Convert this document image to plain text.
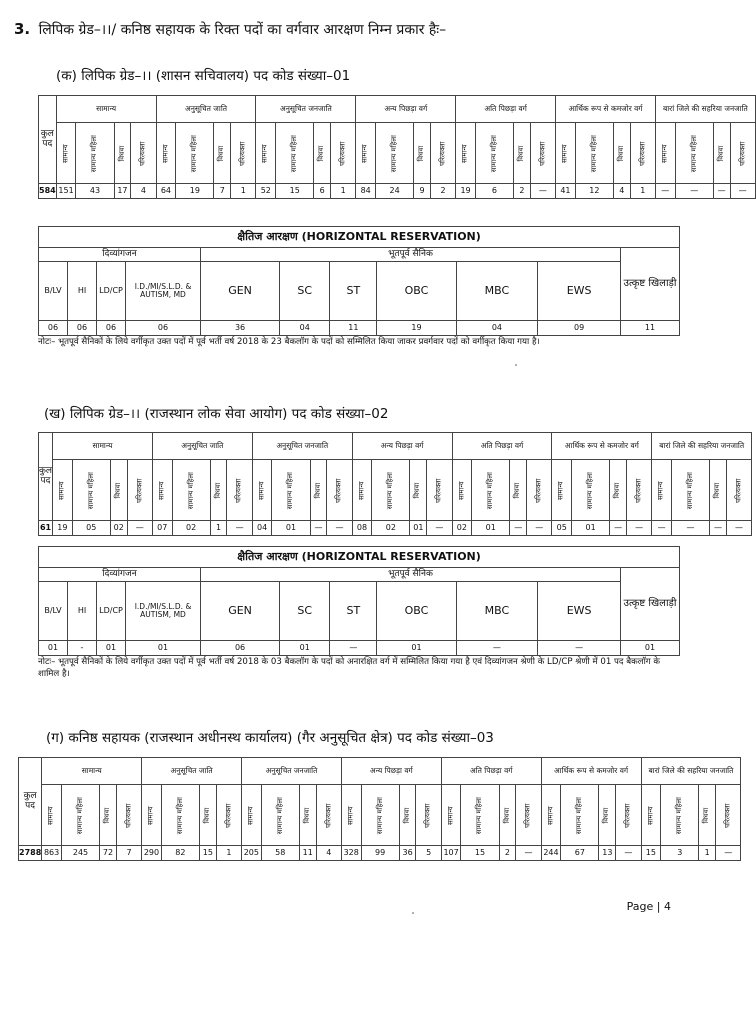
3. लिपिक ग्रेड–।।/ कनिष्ठ सहायक के रिक्त पदों का वर्गवार आरक्षण निम्न प्रकार हैः–
(क) लिपिक ग्रेड–।। (शासन सचिवालय) पद कोड संख्या–01
कुल पद	सामान्य				अनुसूचित जाति				अनुसूचित जनजाति				अन्य पिछड़ा वर्ग				अति पिछड़ा वर्ग				आर्थिक रूप से कमजोर वर्ग				बारां जिले की सहरिया जनजाति			
	सामान्य	सामान्य महिला	विधवा	परित्यक्ता	सामान्य	सामान्य महिला	विधवा	परित्यक्ता	सामान्य	सामान्य महिला	विधवा	परित्यक्ता	सामान्य	सामान्य महिला	विधवा	परित्यक्ता	सामान्य	सामान्य महिला	विधवा	परित्यक्ता	सामान्य	सामान्य महिला	विधवा	परित्यक्ता	सामान्य	सामान्य महिला	विधवा	परित्यक्ता
584	151	43	17	4	64	19	7	1	52	15	6	1	84	24	9	2	19	6	2	—	41	12	4	1	—	—	—	—
क्षैतिज आरक्षण (HORIZONTAL RESERVATION)										
दिव्यांगजन				भूतपूर्व सैनिक						उत्कृष्ट खिलाड़ी
B/LV	HI	LD/CP	I.D./MI/S.L.D. & AUTISM, MD	GEN	SC	ST	OBC	MBC	EWS	
06	06	06	06	36	04	11	19	04	09	11
नोटः– भूतपूर्व सैनिकों के लिये वर्गीकृत उक्त पदों में पूर्व भर्ती वर्ष 2018 के 23 बैकलॉग के पदों को सम्मिलित किया जाकर प्रवर्गवार पदों को वर्गीकृत किया गया है।
(ख) लिपिक ग्रेड–।। (राजस्थान लोक सेवा आयोग) पद कोड संख्या–02
कुल पद	सामान्य				अनुसूचित जाति				अनुसूचित जनजाति				अन्य पिछड़ा वर्ग				अति पिछड़ा वर्ग				आर्थिक रूप से कमजोर वर्ग				बारां जिले की सहरिया जनजाति			
	सामान्य	सामान्य महिला	विधवा	परित्यक्ता	सामान्य	सामान्य महिला	विधवा	परित्यक्ता	सामान्य	सामान्य महिला	विधवा	परित्यक्ता	सामान्य	सामान्य महिला	विधवा	परित्यक्ता	सामान्य	सामान्य महिला	विधवा	परित्यक्ता	सामान्य	सामान्य महिला	विधवा	परित्यक्ता	सामान्य	सामान्य महिला	विधवा	परित्यक्ता
61	19	05	02	—	07	02	1	—	04	01	—	—	08	02	01	—	02	01	—	—	05	01	—	—	—	—	—	—
क्षैतिज आरक्षण (HORIZONTAL RESERVATION)										
दिव्यांगजन				भूतपूर्व सैनिक						उत्कृष्ट खिलाड़ी
B/LV	HI	LD/CP	I.D./MI/S.L.D. & AUTISM, MD	GEN	SC	ST	OBC	MBC	EWS	
01	-	01	01	06	01	—	01	—	—	01
नोटः– भूतपूर्व सैनिकों के लिये वर्गीकृत उक्त पदों में पूर्व भर्ती वर्ष 2018 के 03 बैकलॉग के पदों को अनारक्षित वर्ग में सम्मिलित किया गया है एवं दिव्यांगजन श्रेणी के LD/CP श्रेणी में 01 पद बैकलॉग के शामिल है।
(ग) कनिष्ठ सहायक (राजस्थान अधीनस्थ कार्यालय) (गैर अनुसूचित क्षेत्र) पद कोड संख्या–03
कुल पद	सामान्य				अनुसूचित जाति				अनुसूचित जनजाति				अन्य पिछड़ा वर्ग				अति पिछड़ा वर्ग				आर्थिक रूप से कमजोर वर्ग				बारां जिले की सहरिया जनजाति			
	सामान्य	सामान्य महिला	विधवा	परित्यक्ता	सामान्य	सामान्य महिला	विधवा	परित्यक्ता	सामान्य	सामान्य महिला	विधवा	परित्यक्ता	सामान्य	सामान्य महिला	विधवा	परित्यक्ता	सामान्य	सामान्य महिला	विधवा	परित्यक्ता	सामान्य	सामान्य महिला	विधवा	परित्यक्ता	सामान्य	सामान्य महिला	विधवा	परित्यक्ता
2788	863	245	72	7	290	82	15	1	205	58	11	4	328	99	36	5	107	15	2	—	244	67	13	—	15	3	1	—
Page | 4
